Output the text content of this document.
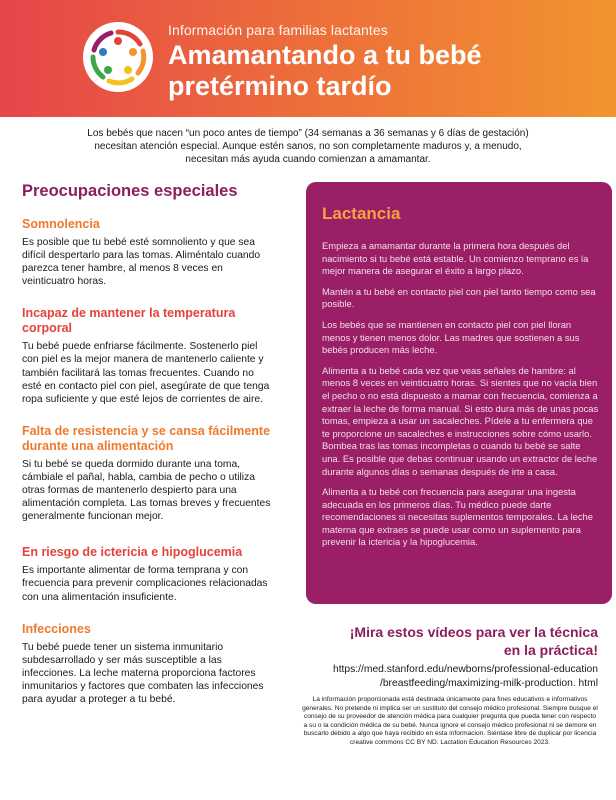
Información para familias lactantes
Amamantando a tu bebé
pretérmino tardío
Los bebés que nacen “un poco antes de tiempo” (34 semanas a 36 semanas y 6 días de gestación) necesitan atención especial. Aunque estén sanos, no son completamente maduros y, a menudo, necesitan más ayuda cuando comienzan a amamantar.
Preocupaciones especiales
Somnolencia
Es posible que tu bebé esté somnoliento y que sea difícil despertarlo para las tomas. Aliméntalo cuando parezca tener hambre, al menos 8 veces en veinticuatro horas.
Incapaz de mantener la temperatura corporal
Tu bebé puede enfriarse fácilmente. Sostenerlo piel con piel es la mejor manera de mantenerlo caliente y también facilitará las tomas frecuentes. Cuando no esté en contacto piel con piel, asegúrate de que tenga ropa suficiente y que esté lejos de corrientes de aire.
Falta de resistencia y se cansa fácilmente durante una alimentación
Si tu bebé se queda dormido durante una toma, cámbiale el pañal, habla, cambia de pecho o utiliza otras formas de mantenerlo despierto para una alimentación completa. Las tomas breves y frecuentes generalmente funcionan mejor.
En riesgo de ictericia e hipoglucemia
Es importante alimentar de forma temprana y con frecuencia para prevenir complicaciones relacionadas con una alimentación insuficiente.
Infecciones
Tu bebé puede tener un sistema inmunitario subdesarrollado y ser más susceptible a las infecciones. La leche materna proporciona factores inmunitarios y factores que combaten las infecciones para ayudar a proteger a tu bebé.
Lactancia

Empieza a amamantar durante la primera hora después del nacimiento si tu bebé está estable. Un comienzo temprano es la mejor manera de asegurar el éxito a largo plazo.

Mantén a tu bebé en contacto piel con piel tanto tiempo como sea posible.

Los bebés que se mantienen en contacto piel con piel lloran menos y tienen menos dolor. Las madres que sostienen a sus bebés producen más leche.

Alimenta a tu bebé cada vez que veas señales de hambre: al menos 8 veces en veinticuatro horas. Si sientes que no vacía bien el pecho o no está dispuesto a mamar con frecuencia, comienza a extraer la leche de forma manual. Si esto dura más de unas pocas tomas, empieza a usar un sacaleches. Pídele a tu enfermera que te proporcione un sacaleches e instrucciones sobre cómo usarlo. Bombea tras las tomas incompletas o cuando tu bebé se salte una. Es posible que debas continuar usando un extractor de leche durante algunos días o semanas después de irte a casa.

Alimenta a tu bebé con frecuencia para asegurar una ingesta adecuada en los primeros días. Tu médico puede darte recomendaciones si necesitas suplementos temporales. La leche materna que extraes se puede usar como un suplemento para prevenir la ictericia y la hipoglucemia.

¡Mira estos vídeos para ver la técnica
en la práctica!
https://med.stanford.edu/newborns/professional-education
/breastfeeding/maximizing-milk-production. html
La información proporcionada está destinada únicamente para fines educativos e informativos generales. No pretende ni implica ser un sustituto del consejo médico profesional. Siempre busque el consejo de su proveedor de atención médica para cualquier pregunta que pueda tener con respecto a su o la condición médica de su bebé. Nunca ignore el consejo médico profesional ni se demore en buscarlo debido a algo que haya recibido en esta informacion. Siéntase libre de duplicar por licencia creative commons CC BY ND. Lactation Education Resources 2023.
